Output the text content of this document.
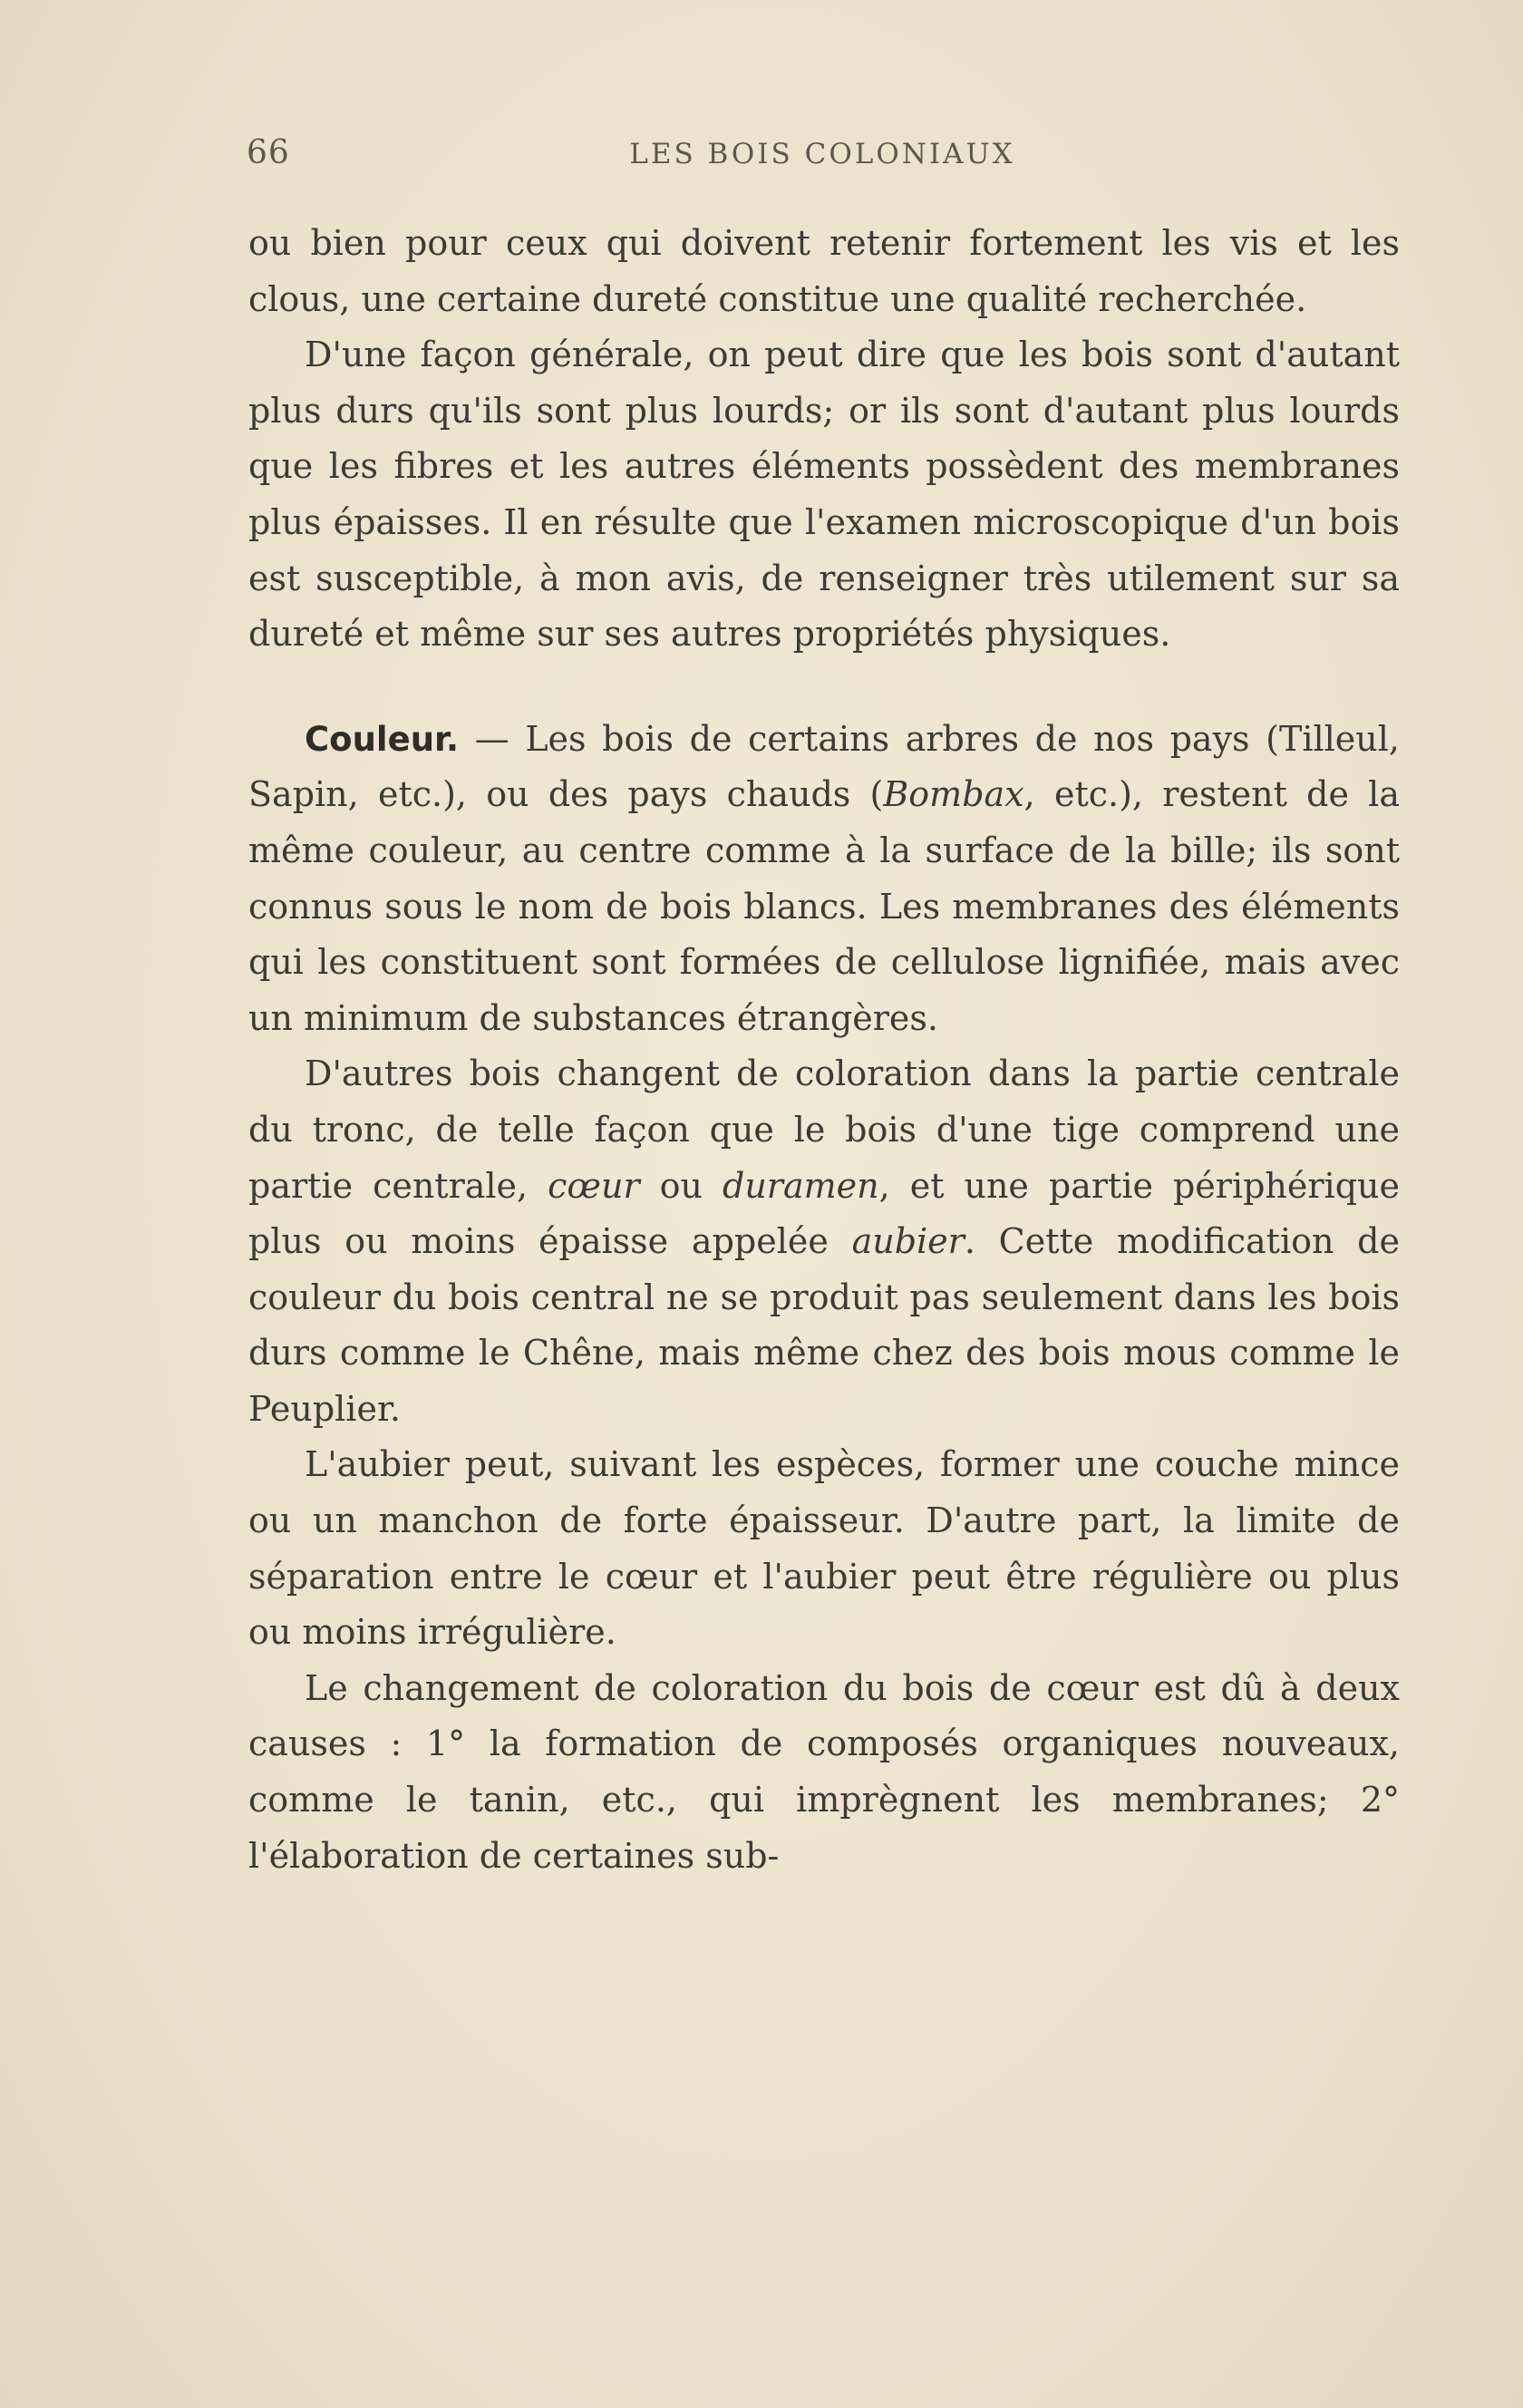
66	LES BOIS COLONIAUX

ou bien pour ceux qui doivent retenir fortement les vis et les clous, une certaine dureté constitue une qualité recherchée.

D'une façon générale, on peut dire que les bois sont d'autant plus durs qu'ils sont plus lourds; or ils sont d'autant plus lourds que les fibres et les autres éléments possèdent des membranes plus épaisses. Il en résulte que l'examen microscopique d'un bois est susceptible, à mon avis, de renseigner très utilement sur sa dureté et même sur ses autres propriétés physiques.

Couleur. — Les bois de certains arbres de nos pays (Tilleul, Sapin, etc.), ou des pays chauds (Bombax, etc.), restent de la même couleur, au centre comme à la surface de la bille; ils sont connus sous le nom de bois blancs. Les membranes des éléments qui les constituent sont formées de cellulose lignifiée, mais avec un minimum de substances étrangères.

D'autres bois changent de coloration dans la partie centrale du tronc, de telle façon que le bois d'une tige comprend une partie centrale, cœur ou duramen, et une partie périphérique plus ou moins épaisse appelée aubier. Cette modification de couleur du bois central ne se produit pas seulement dans les bois durs comme le Chêne, mais même chez des bois mous comme le Peuplier.

L'aubier peut, suivant les espèces, former une couche mince ou un manchon de forte épaisseur. D'autre part, la limite de séparation entre le cœur et l'aubier peut être régulière ou plus ou moins irrégulière.

Le changement de coloration du bois de cœur est dû à deux causes : 1° la formation de composés organiques nouveaux, comme le tanin, etc., qui imprègnent les membranes; 2° l'élaboration de certaines sub-
